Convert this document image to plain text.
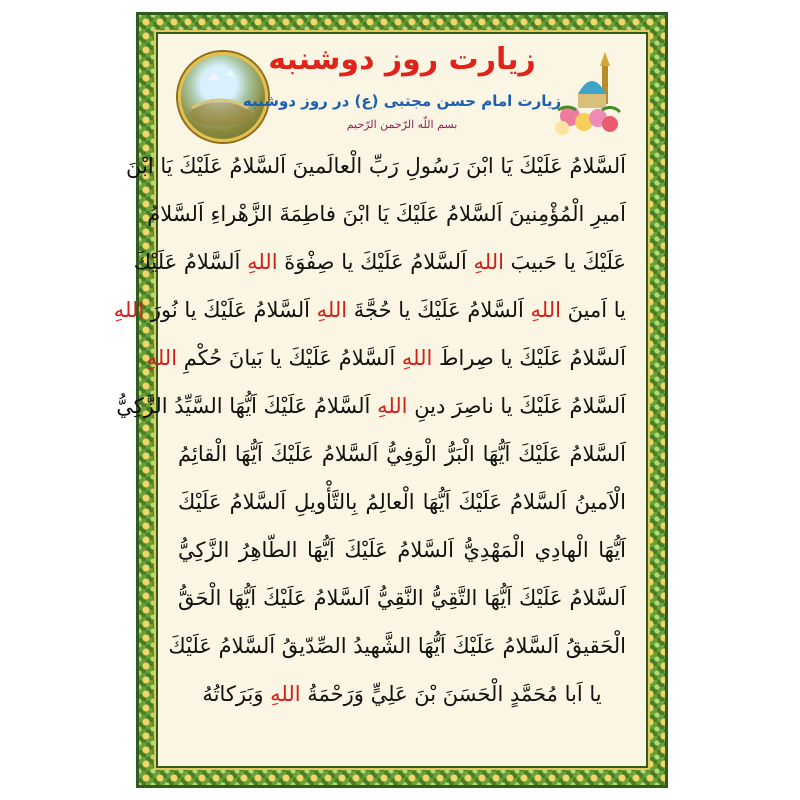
زیارت روز دوشنبه
زیارت امام حسن مجتبی (ع) در روز دوشنبه
بسم اللّه الرّحمن الرّحيم
اَلسَّلامُ عَلَيْكَ يَا ابْنَ رَسُولِ رَبِّ الْعالَمينَ اَلسَّلامُ عَلَيْكَ يَا ابْنَ
اَميرِ الْمُؤْمِنينَ اَلسَّلامُ عَلَيْكَ يَا ابْنَ فاطِمَةَ الزَّهْراءِ اَلسَّلامُ
عَلَيْكَ يا حَبيبَ اللهِ اَلسَّلامُ عَلَيْكَ يا صِفْوَةَ اللهِ اَلسَّلامُ عَلَيْكَ
يا اَمينَ اللهِ اَلسَّلامُ عَلَيْكَ يا حُجَّةَ اللهِ اَلسَّلامُ عَلَيْكَ يا نُورَ اللهِ
اَلسَّلامُ عَلَيْكَ يا صِراطَ اللهِ اَلسَّلامُ عَلَيْكَ يا بَيانَ حُكْمِ اللهِ
اَلسَّلامُ عَلَيْكَ يا ناصِرَ دينِ اللهِ اَلسَّلامُ عَلَيْكَ اَيُّهَا السَّيِّدُ الزَّكِيُّ
اَلسَّلامُ عَلَيْكَ اَيُّهَا الْبَرُّ الْوَفِيُّ اَلسَّلامُ عَلَيْكَ اَيُّهَا الْقائِمُ
الْاَمينُ اَلسَّلامُ عَلَيْكَ اَيُّهَا الْعالِمُ بِالتَّأْويلِ اَلسَّلامُ عَلَيْكَ
اَيُّهَا الْهادِي الْمَهْدِيُّ اَلسَّلامُ عَلَيْكَ اَيُّهَا الطّاهِرُ الزَّكِيُّ
اَلسَّلامُ عَلَيْكَ اَيُّهَا التَّقِيُّ النَّقِيُّ اَلسَّلامُ عَلَيْكَ اَيُّهَا الْحَقُّ
الْحَقيقُ اَلسَّلامُ عَلَيْكَ اَيُّهَا الشَّهيدُ الصِّدّيقُ اَلسَّلامُ عَلَيْكَ
يا اَبا مُحَمَّدٍ الْحَسَنَ بْنَ عَلِيٍّ وَرَحْمَةُ اللهِ وَبَرَكاتُهُ
